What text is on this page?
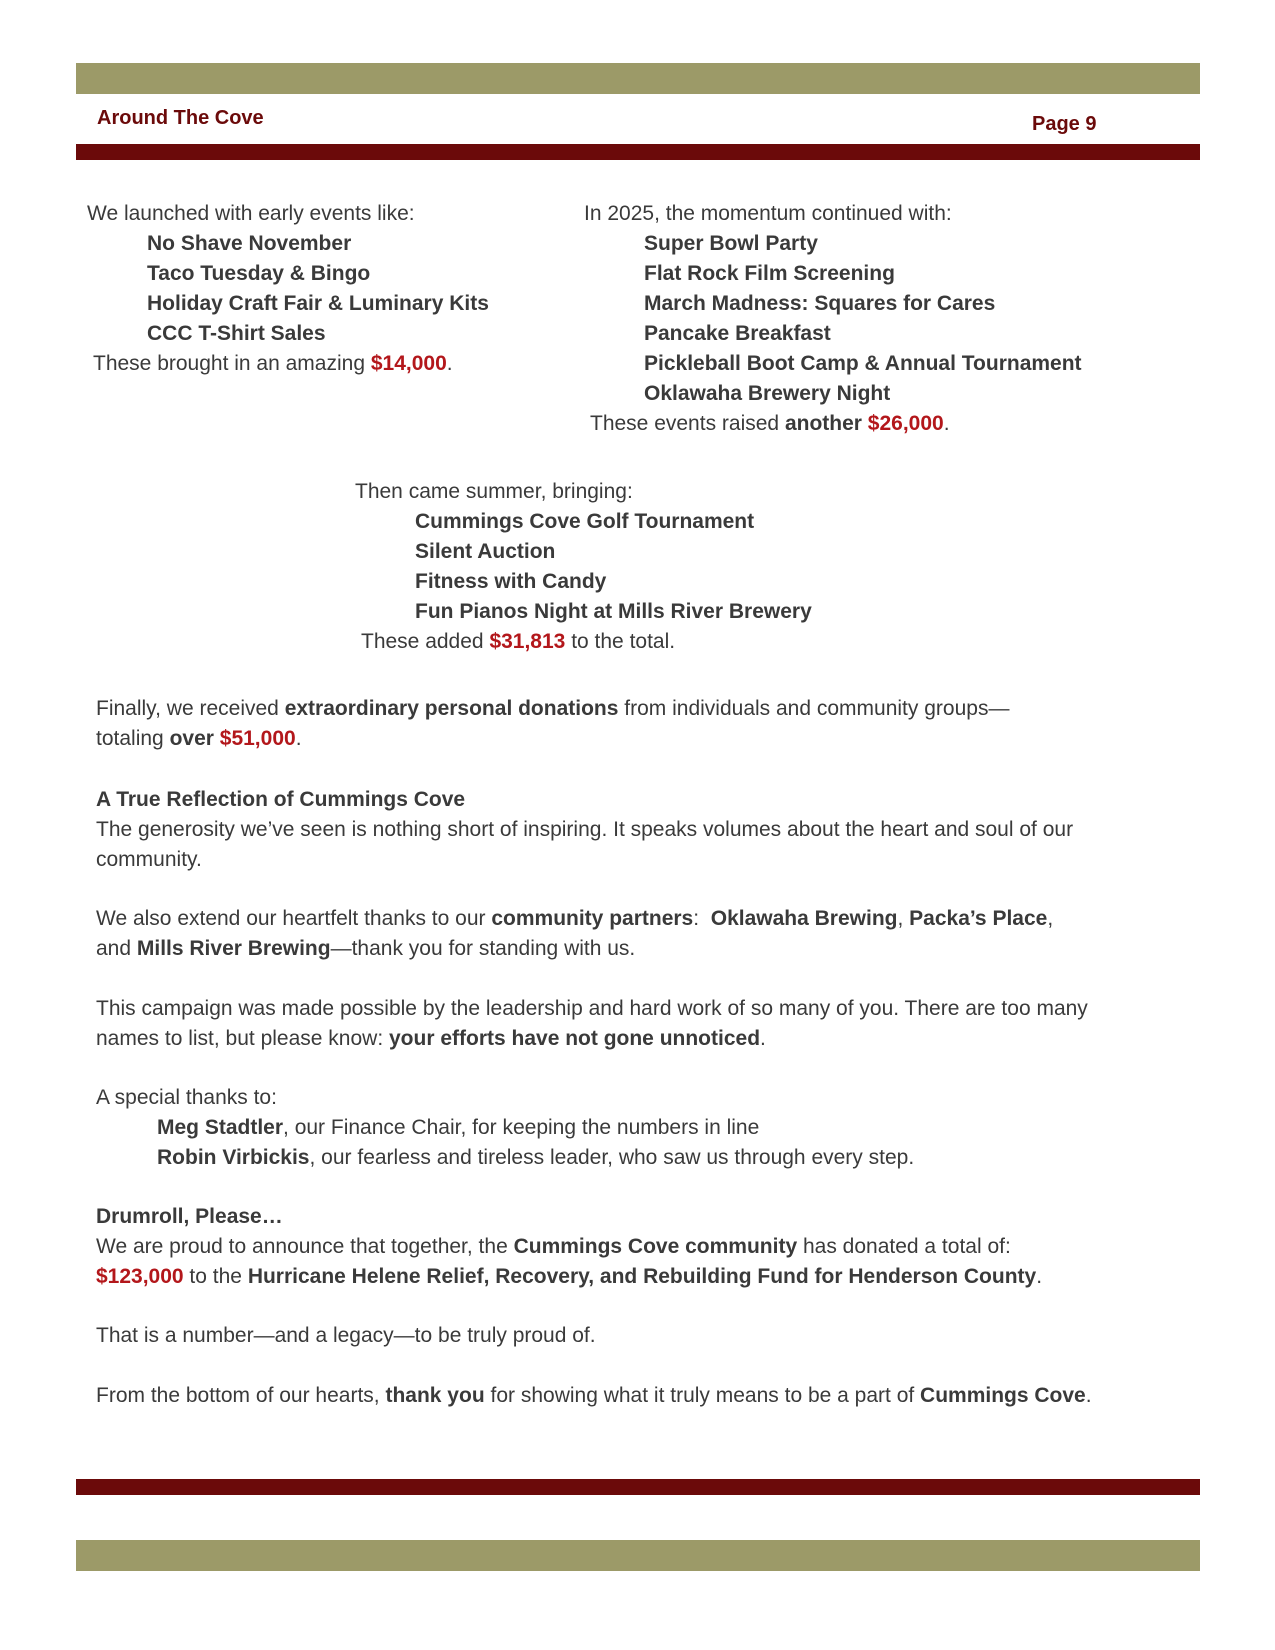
Around The Cove	Page 9
We launched with early events like:
No Shave November
Taco Tuesday & Bingo
Holiday Craft Fair & Luminary Kits
CCC T-Shirt Sales
These brought in an amazing $14,000.
In 2025, the momentum continued with:
Super Bowl Party
Flat Rock Film Screening
March Madness: Squares for Cares
Pancake Breakfast
Pickleball Boot Camp & Annual Tournament
Oklawaha Brewery Night
These events raised another $26,000.
Then came summer, bringing:
Cummings Cove Golf Tournament
Silent Auction
Fitness with Candy
Fun Pianos Night at Mills River Brewery
These added $31,813 to the total.

Finally, we received extraordinary personal donations from individuals and community groups—

totaling over $51,000.

A True Reflection of Cummings Cove

The generosity we’ve seen is nothing short of inspiring. It speaks volumes about the heart and soul of our

community.

We also extend our heartfelt thanks to our community partners:  Oklawaha Brewing, Packa’s Place,

and Mills River Brewing—thank you for standing with us.

This campaign was made possible by the leadership and hard work of so many of you. There are too many

names to list, but please know: your efforts have not gone unnoticed.

A special thanks to:

Meg Stadtler, our Finance Chair, for keeping the numbers in line

Robin Virbickis, our fearless and tireless leader, who saw us through every step.

Drumroll, Please…

We are proud to announce that together, the Cummings Cove community has donated a total of:

$123,000 to the Hurricane Helene Relief, Recovery, and Rebuilding Fund for Henderson County.

That is a number—and a legacy—to be truly proud of.
From the bottom of our hearts, thank you for showing what it truly means to be a part of Cummings Cove.
